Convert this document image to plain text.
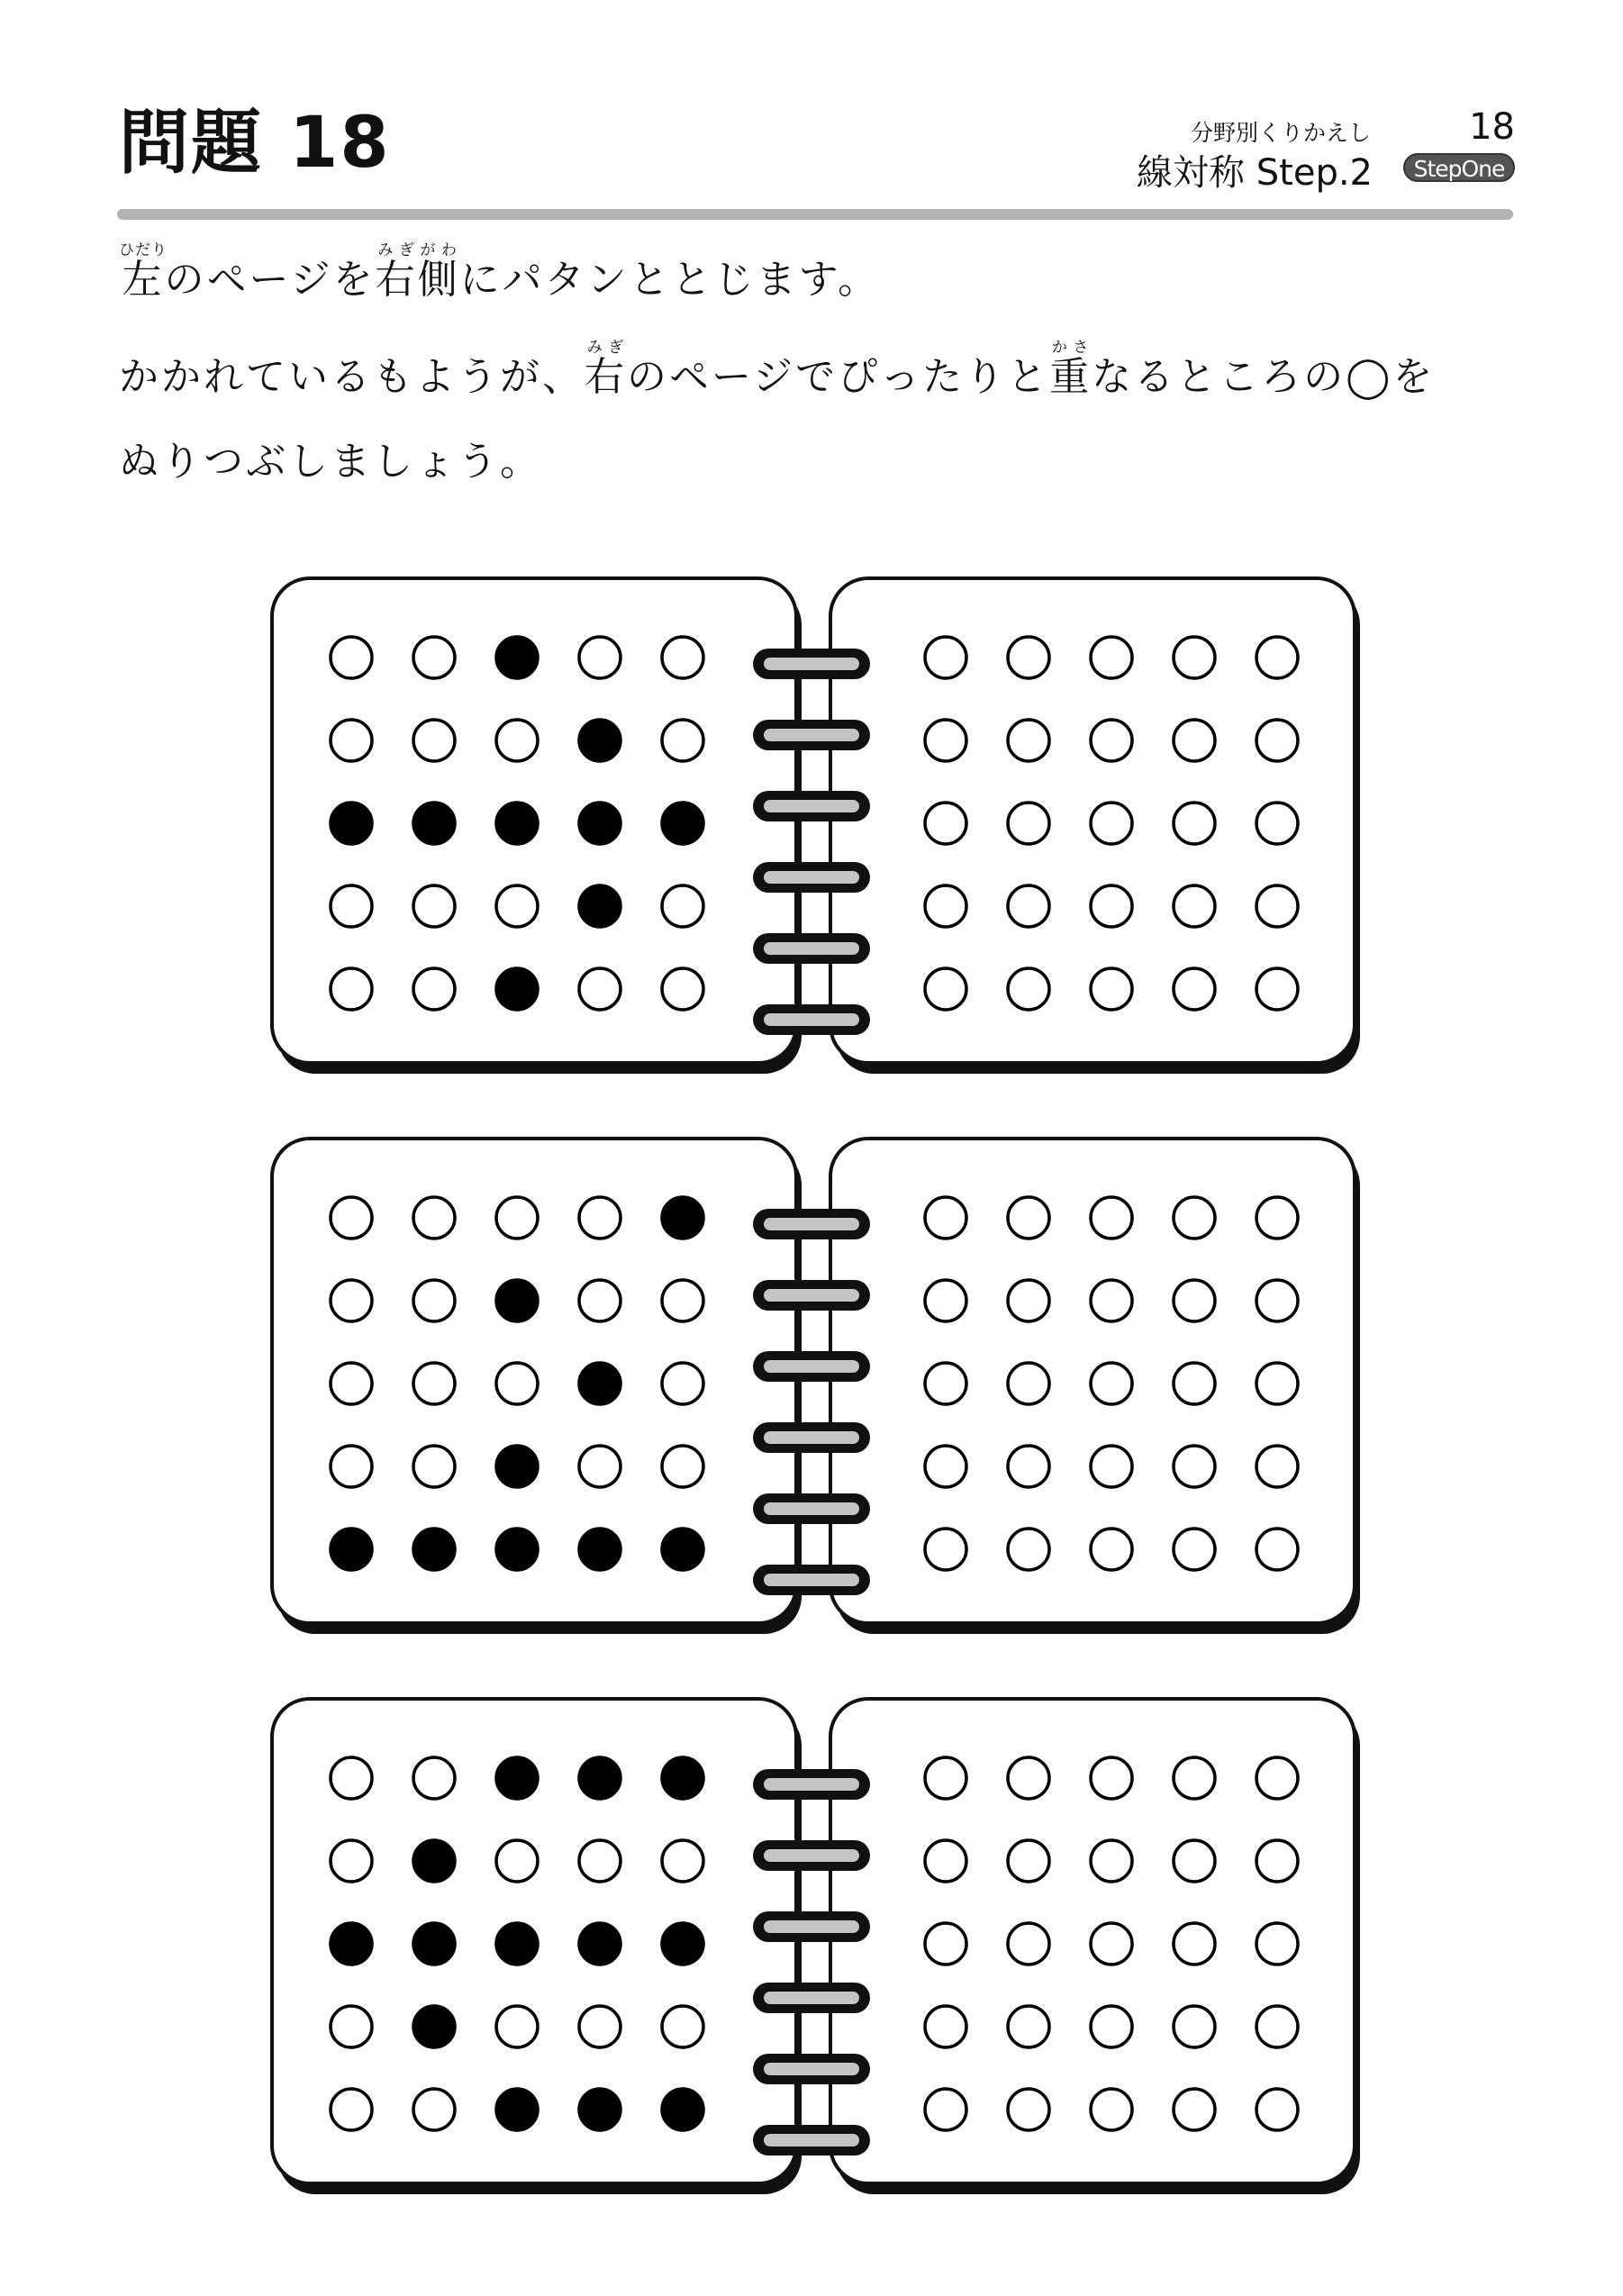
問題 18	分野別くりかえし	18
線対称 Step.2	StepOne
左ひだりのページを右側みぎがわにパタンととじます。
かかれているもようが、右みぎのページでぴったりと重かさなるところの◯を
ぬりつぶしましょう。
